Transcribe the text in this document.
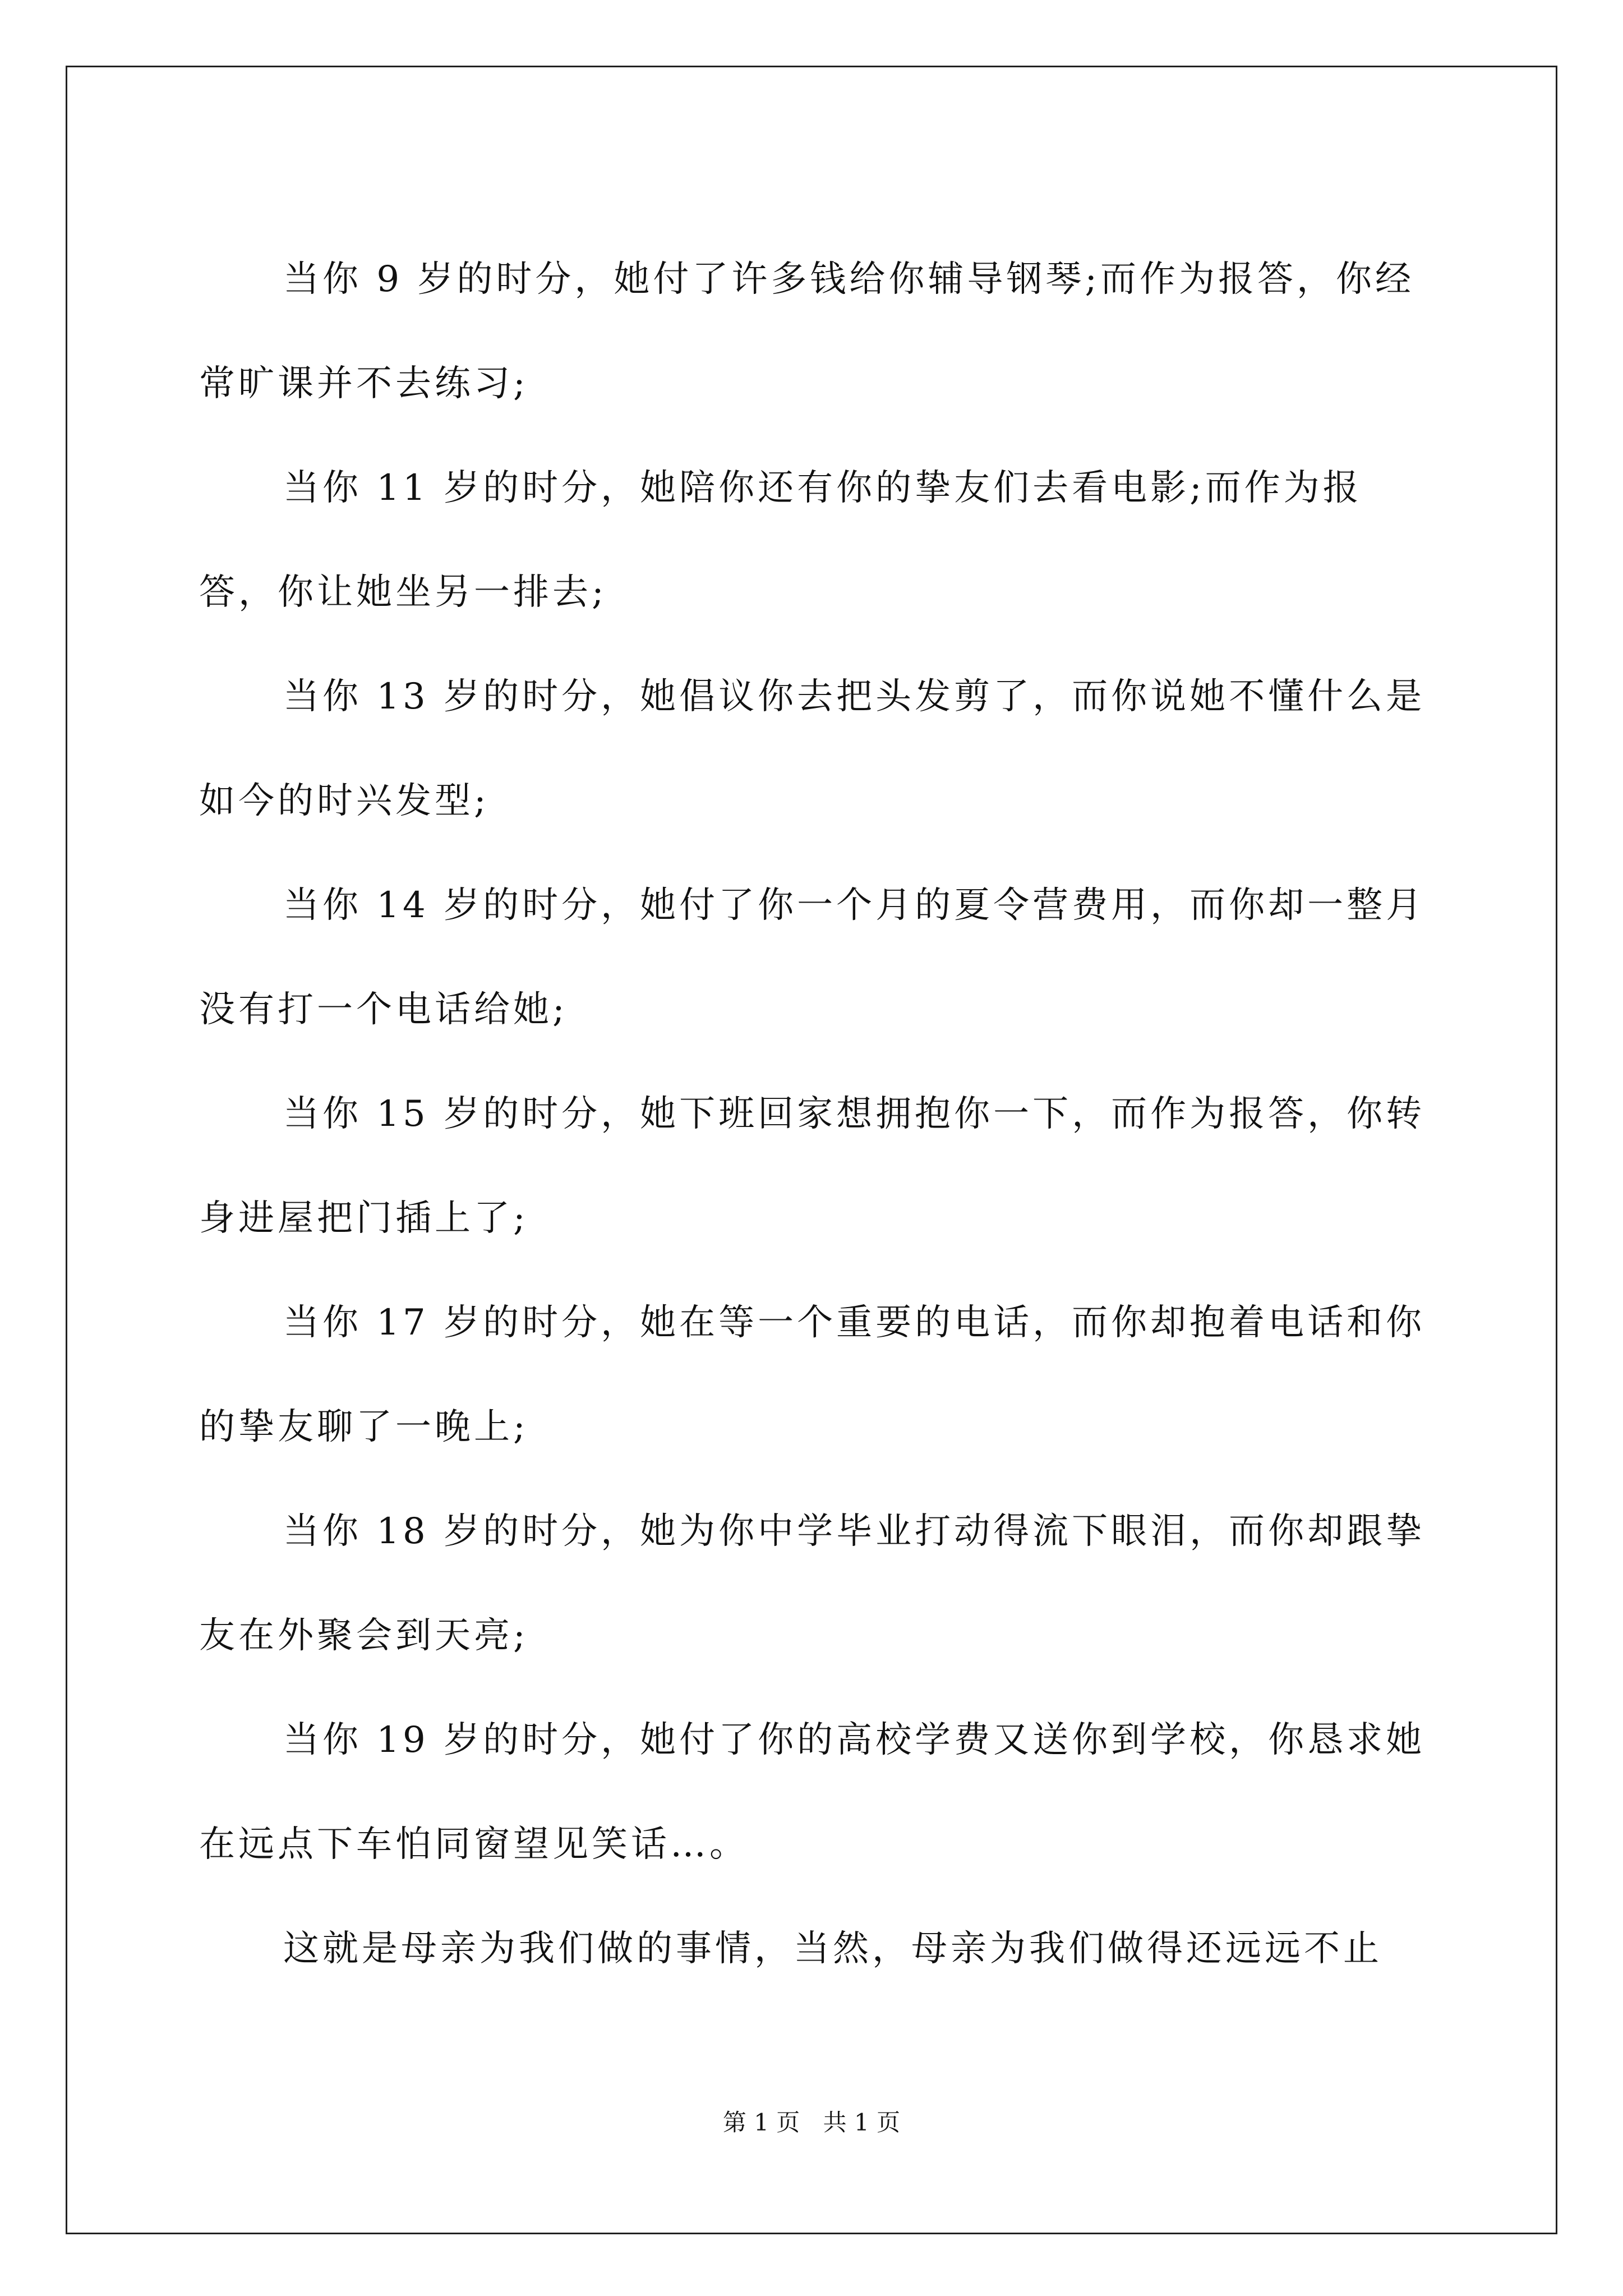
当你 9 岁的时分，她付了许多钱给你辅导钢琴;而作为报答，你经常旷课并不去练习;

当你 11 岁的时分，她陪你还有你的挚友们去看电影;而作为报答，你让她坐另一排去;

当你 13 岁的时分，她倡议你去把头发剪了，而你说她不懂什么是如今的时兴发型;

当你 14 岁的时分，她付了你一个月的夏令营费用，而你却一整月没有打一个电话给她;

当你 15 岁的时分，她下班回家想拥抱你一下，而作为报答，你转身进屋把门插上了;

当你 17 岁的时分，她在等一个重要的电话，而你却抱着电话和你的挚友聊了一晚上;

当你 18 岁的时分，她为你中学毕业打动得流下眼泪，而你却跟挚友在外聚会到天亮;

当你 19 岁的时分，她付了你的高校学费又送你到学校，你恳求她在远点下车怕同窗望见笑话…。

这就是母亲为我们做的事情，当然，母亲为我们做得还远远不止

第 1 页 共 1 页
